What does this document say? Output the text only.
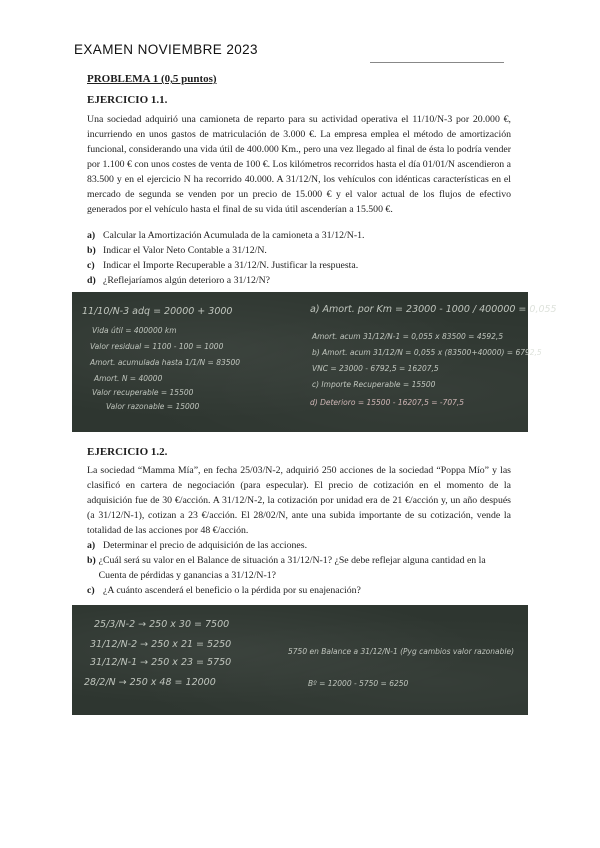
EXAMEN NOVIEMBRE 2023
PROBLEMA 1 (0,5 puntos)
EJERCICIO 1.1.
Una sociedad adquirió una camioneta de reparto para su actividad operativa el 11/10/N-3 por 20.000 €, incurriendo en unos gastos de matriculación de 3.000 €. La empresa emplea el método de amortización funcional, considerando una vida útil de 400.000 Km., pero una vez llegado al final de ésta lo podría vender por 1.100 € con unos costes de venta de 100 €. Los kilómetros recorridos hasta el día 01/01/N ascendieron a 83.500 y en el ejercicio N ha recorrido 40.000. A 31/12/N, los vehículos con idénticas características en el mercado de segunda se venden por un precio de 15.000 € y el valor actual de los flujos de efectivo generados por el vehículo hasta el final de su vida útil ascenderían a 15.500 €.
a) Calcular la Amortización Acumulada de la camioneta a 31/12/N-1.
b) Indicar el Valor Neto Contable a 31/12/N.
c) Indicar el Importe Recuperable a 31/12/N. Justificar la respuesta.
d) ¿Reflejaríamos algún deterioro a 31/12/N?
11/10/N-3 adq = 20000 + 3000
Vida útil = 400000 km
Valor residual = 1100 - 100 = 1000
Amort. acumulada hasta 1/1/N = 83500
Amort. N = 40000
Valor recuperable = 15500
Valor razonable = 15000
a) Amort. por Km = 23000 - 1000 / 400000 = 0,055
Amort. acum 31/12/N-1 = 0,055 x 83500 = 4592,5
b) Amort. acum 31/12/N = 0,055 x (83500+40000) = 6792,5
VNC = 23000 - 6792,5 = 16207,5
c) Importe Recuperable = 15500
d) Deterioro = 15500 - 16207,5 = -707,5
EJERCICIO 1.2.
La sociedad “Mamma Mía”, en fecha 25/03/N-2, adquirió 250 acciones de la sociedad “Poppa Mío” y las clasificó en cartera de negociación (para especular). El precio de cotización en el momento de la adquisición fue de 30 €/acción. A 31/12/N-2, la cotización por unidad era de 21 €/acción y, un año después (a 31/12/N-1), cotizan a 23 €/acción. El 28/02/N, ante una subida importante de su cotización, vende la totalidad de las acciones por 48 €/acción.
a) Determinar el precio de adquisición de las acciones.
b) ¿Cuál será su valor en el Balance de situación a 31/12/N-1? ¿Se debe reflejar alguna cantidad en la Cuenta de pérdidas y ganancias a 31/12/N-1?
c) ¿A cuánto ascenderá el beneficio o la pérdida por su enajenación?
25/3/N-2 → 250 x 30 = 7500
31/12/N-2 → 250 x 21 = 5250
31/12/N-1 → 250 x 23 = 5750
28/2/N → 250 x 48 = 12000	Bº = 12000 - 5750 = 6250
5750 en Balance a 31/12/N-1 (Pyg cambios valor razonable)
